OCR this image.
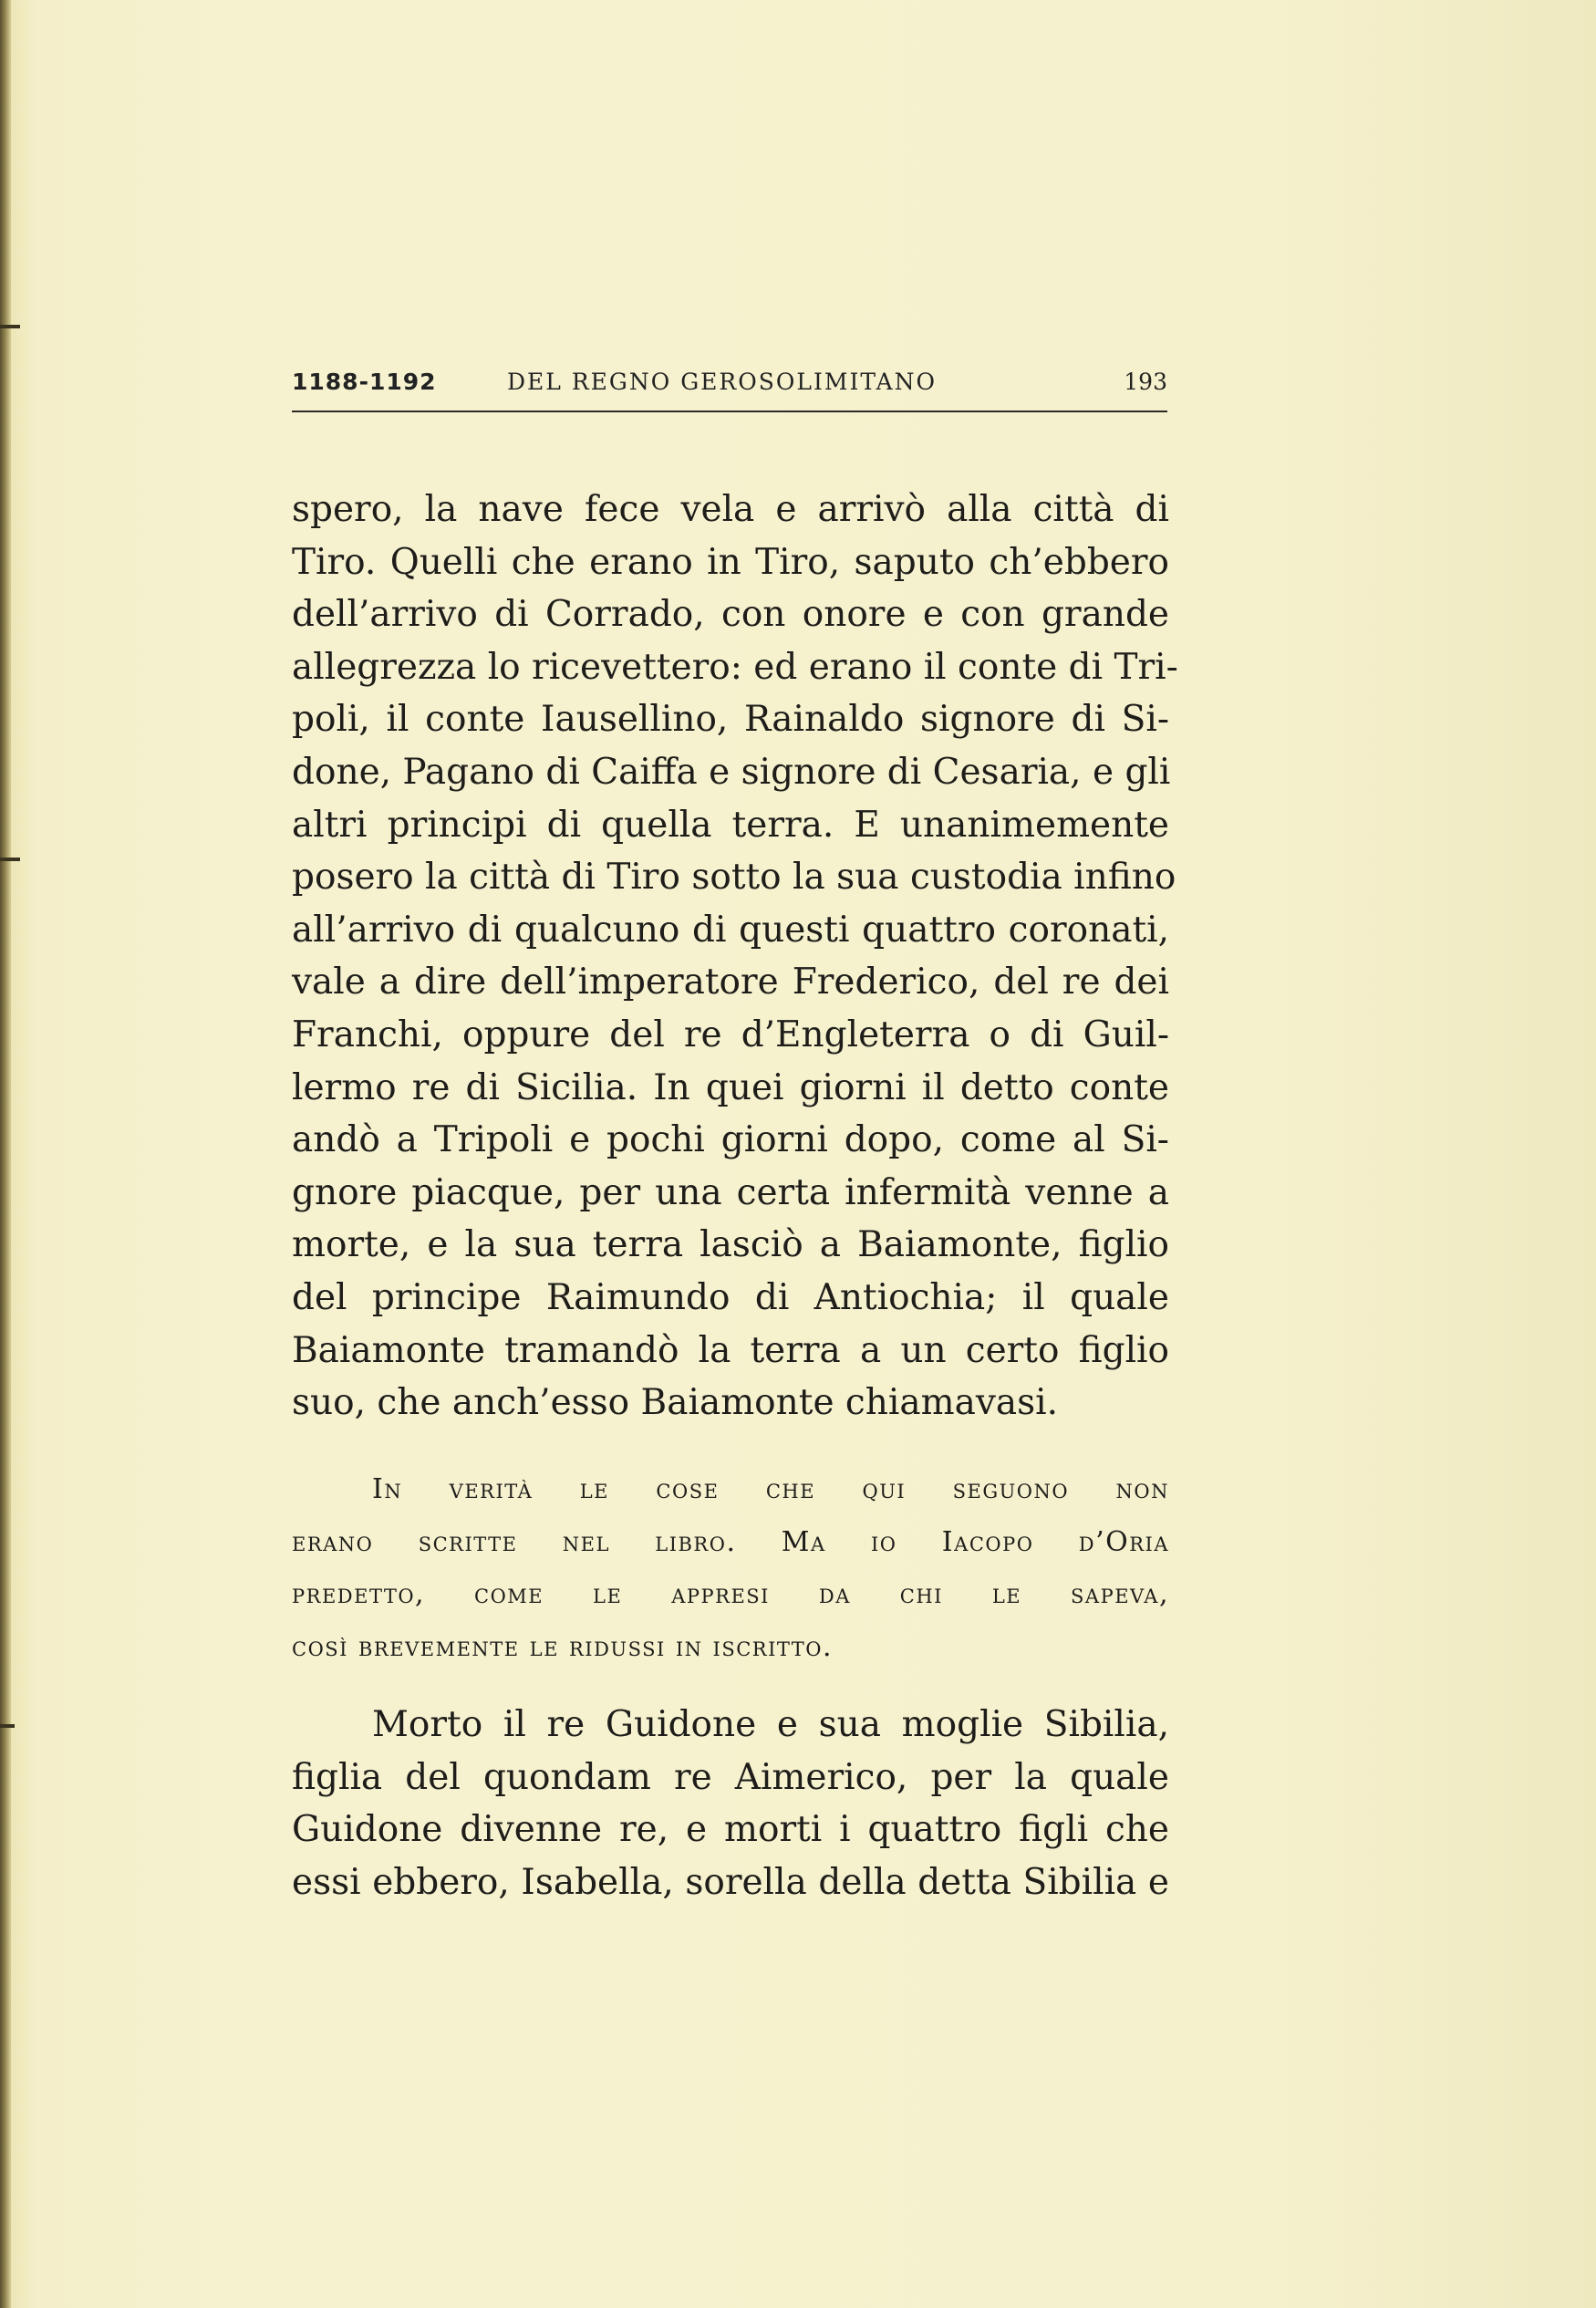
1188-1192	DEL REGNO GEROSOLIMITANO	193
spero, la nave fece vela e arrivò alla città di
Tiro. Quelli che erano in Tiro, saputo ch’ebbero
dell’arrivo di Corrado, con onore e con grande
allegrezza lo ricevettero: ed erano il conte di Tri-
poli, il conte Iausellino, Rainaldo signore di Si-
done, Pagano di Caiffa e signore di Cesaria, e gli
altri principi di quella terra. E unanimemente
posero la città di Tiro sotto la sua custodia infino
all’arrivo di qualcuno di questi quattro coronati,
vale a dire dell’imperatore Frederico, del re dei
Franchi, oppure del re d’Engleterra o di Guil-
lermo re di Sicilia. In quei giorni il detto conte
andò a Tripoli e pochi giorni dopo, come al Si-
gnore piacque, per una certa infermità venne a
morte, e la sua terra lasciò a Baiamonte, figlio
del principe Raimundo di Antiochia; il quale
Baiamonte tramandò la terra a un certo figlio
suo, che anch’esso Baiamonte chiamavasi.
In verità le cose che qui seguono non
erano scritte nel libro. Ma io Iacopo d’Oria
predetto, come le appresi da chi le sapeva,
così brevemente le ridussi in iscritto.
Morto il re Guidone e sua moglie Sibilia,
figlia del quondam re Aimerico, per la quale
Guidone divenne re, e morti i quattro figli che
essi ebbero, Isabella, sorella della detta Sibilia e
